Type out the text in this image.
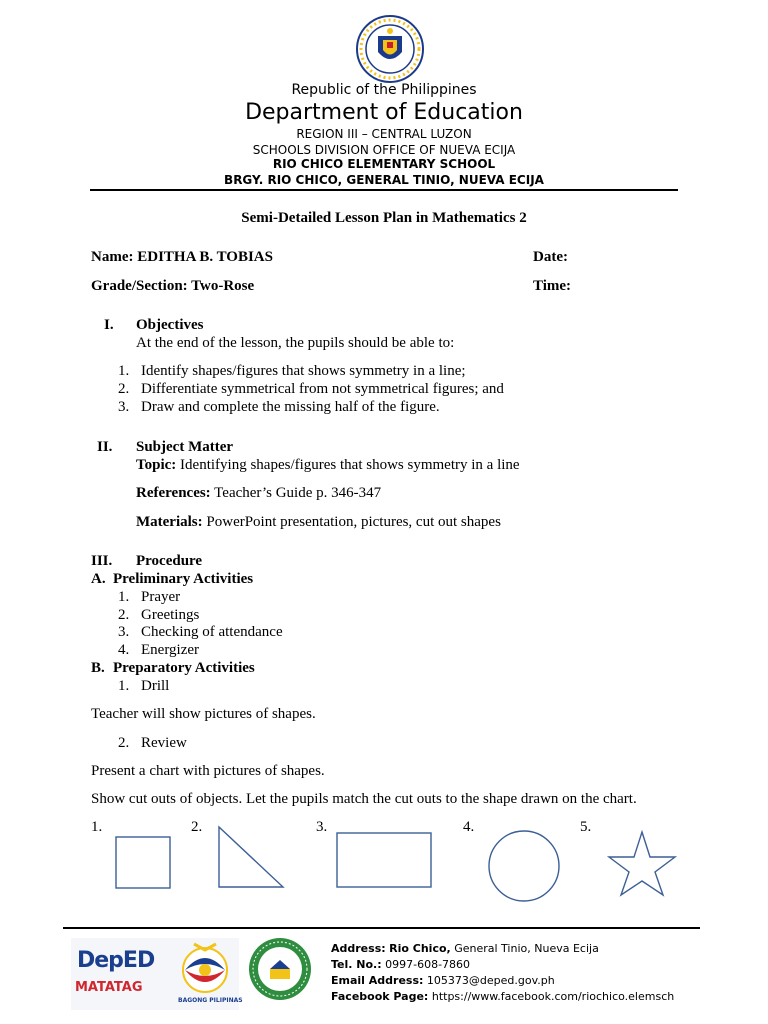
Republic of the Philippines
Department of Education
REGION III – CENTRAL LUZON
SCHOOLS DIVISION OFFICE OF NUEVA ECIJA
RIO CHICO ELEMENTARY SCHOOL
BRGY. RIO CHICO, GENERAL TINIO, NUEVA ECIJA
Semi-Detailed Lesson Plan in Mathematics 2
Name: EDITHA B. TOBIAS	Date:
Grade/Section: Two-Rose	Time:
I. Objectives
At the end of the lesson, the pupils should be able to:
1. Identify shapes/figures that shows symmetry in a line;
2. Differentiate symmetrical from not symmetrical figures; and
3. Draw and complete the missing half of the figure.
II. Subject Matter
Topic: Identifying shapes/figures that shows symmetry in a line
References: Teacher’s Guide p. 346-347
Materials: PowerPoint presentation, pictures, cut out shapes
III. Procedure
A. Preliminary Activities
1. Prayer
2. Greetings
3. Checking of attendance
4. Energizer
B. Preparatory Activities
1. Drill
Teacher will show pictures of shapes.
2. Review
Present a chart with pictures of shapes.
Show cut outs of objects. Let the pupils match the cut outs to the shape drawn on the chart.
1.	2.	3.	4.	5.
DepED
MATATAG
BAGONG PILIPINAS
Address: Rio Chico, General Tinio, Nueva Ecija
Tel. No.: 0997-608-7860
Email Address: 105373@deped.gov.ph
Facebook Page: https://www.facebook.com/riochico.elemsch
